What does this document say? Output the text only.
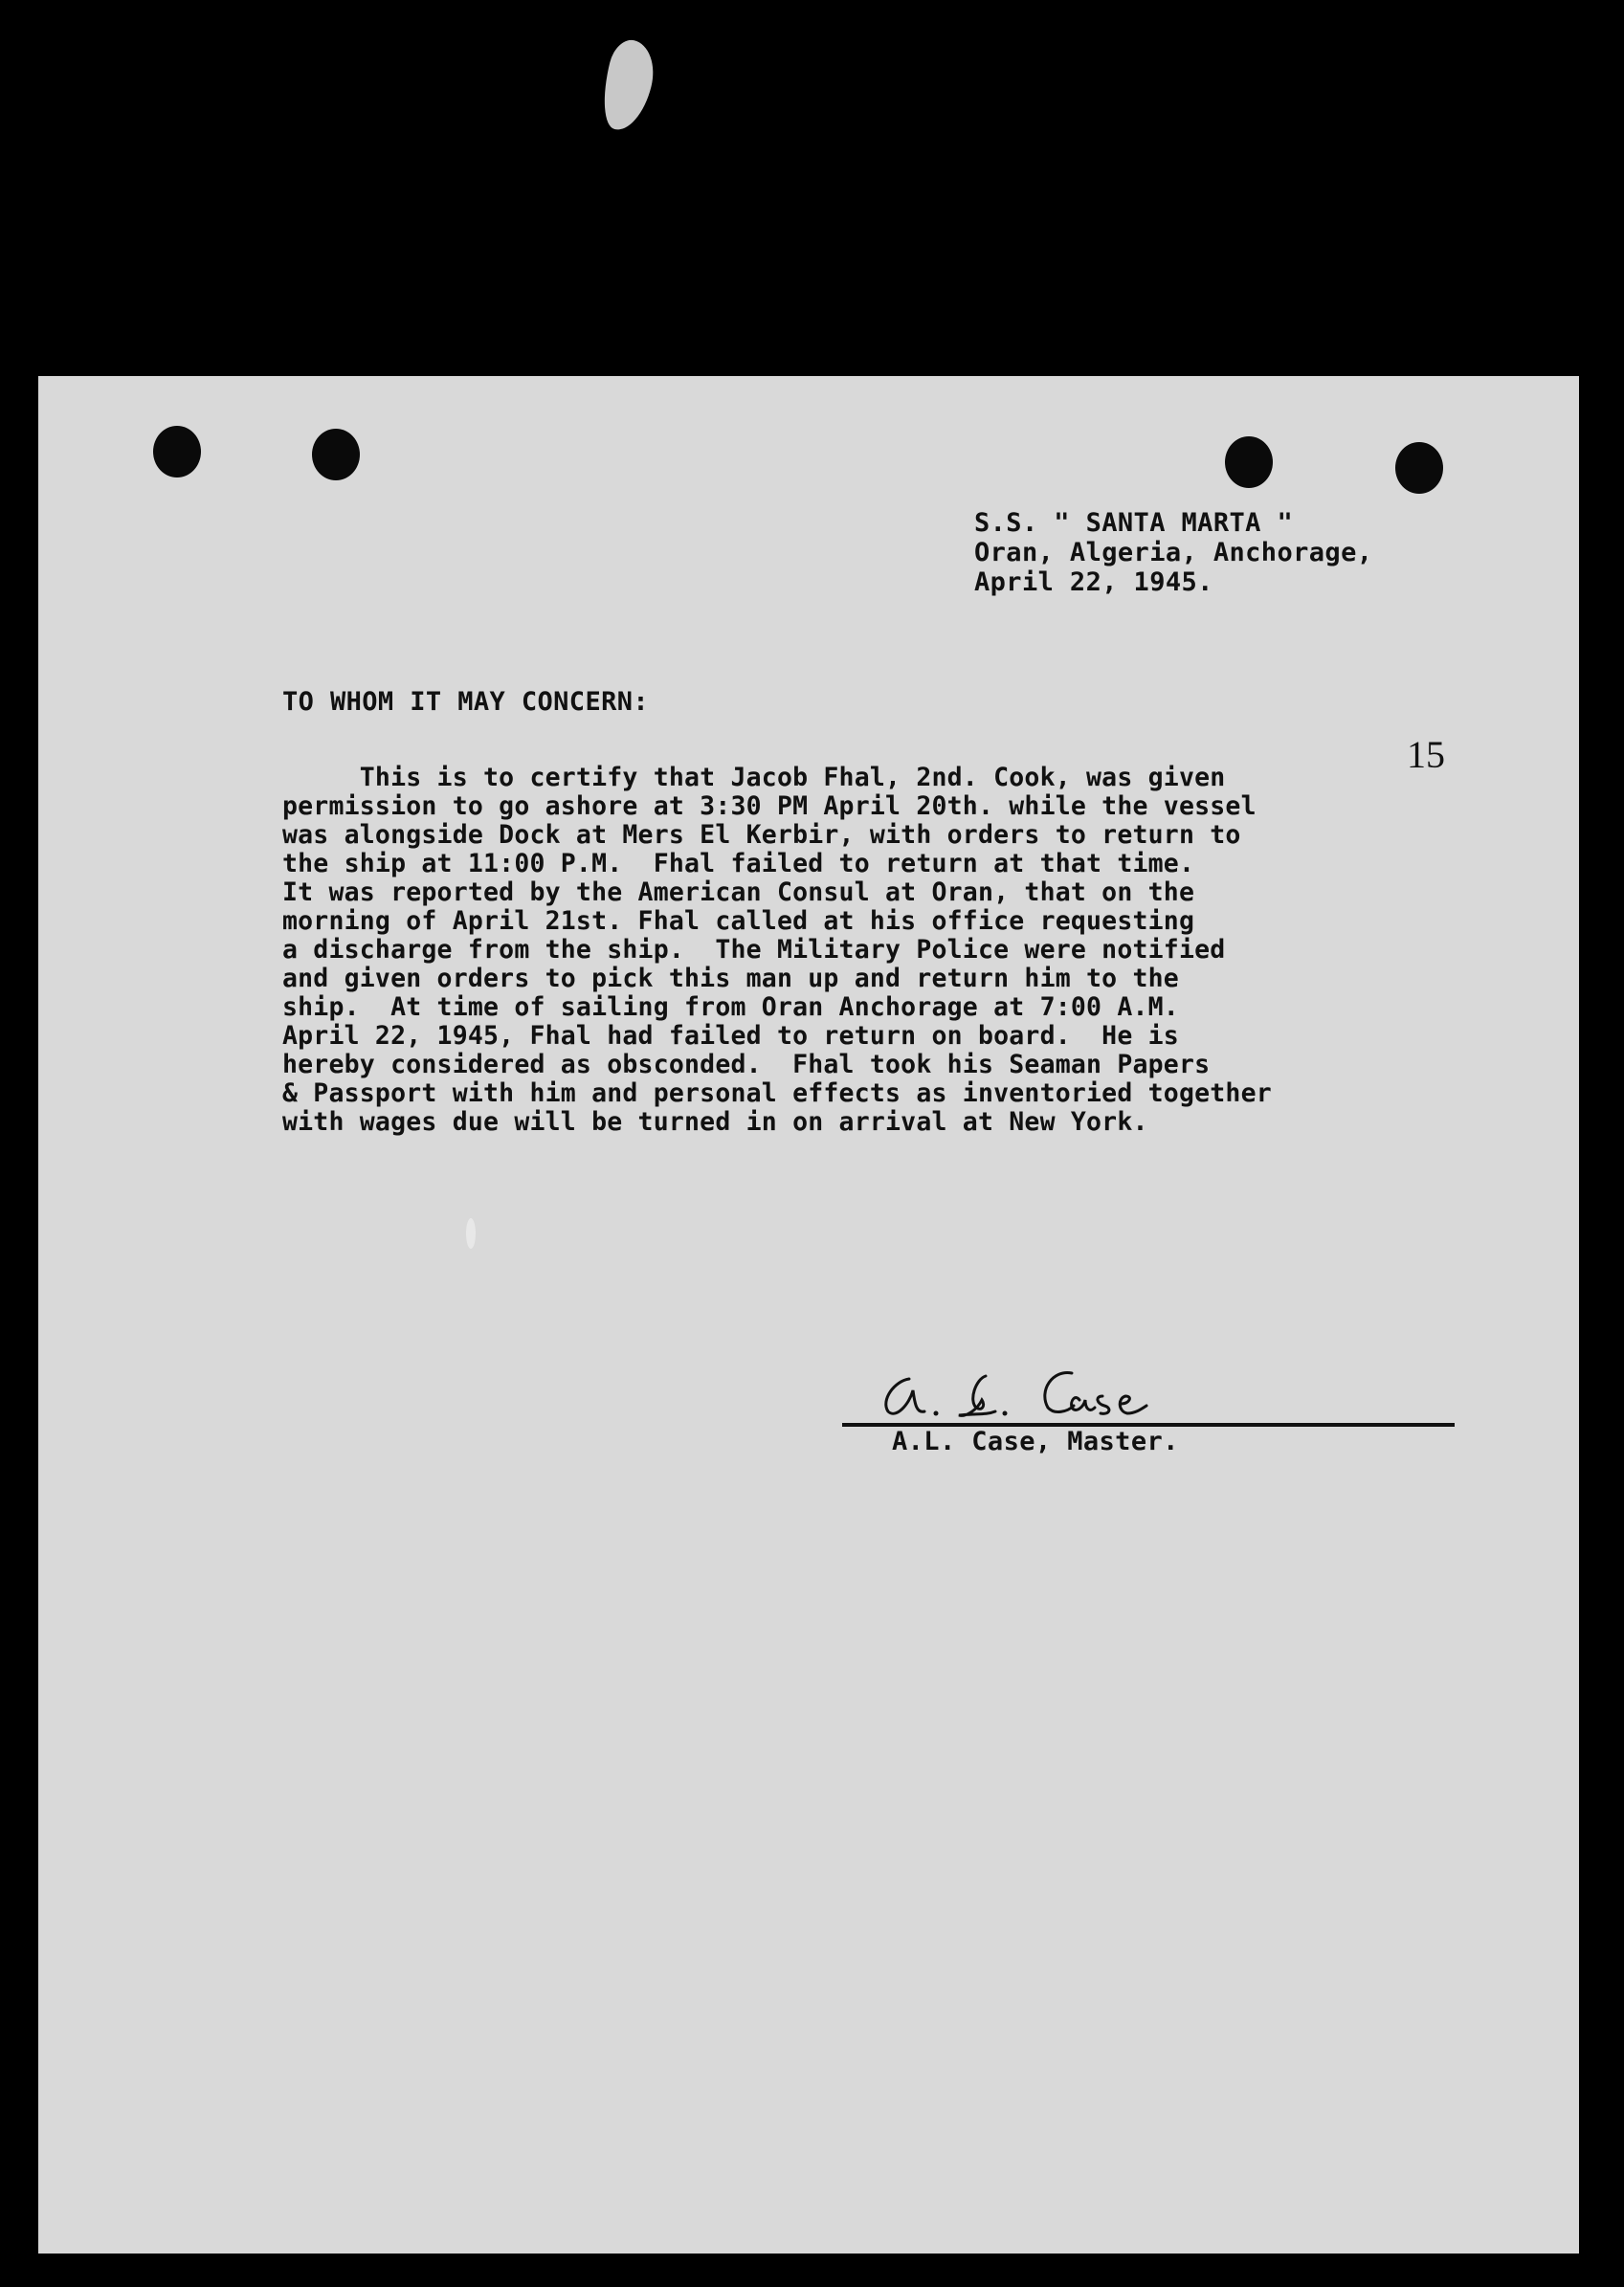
S.S. " SANTA MARTA "
Oran, Algeria, Anchorage,
April 22, 1945.
TO WHOM IT MAY CONCERN:
15
This is to certify that Jacob Fhal, 2nd. Cook, was given
permission to go ashore at 3:30 PM April 20th. while the vessel
was alongside Dock at Mers El Kerbir, with orders to return to
the ship at 11:00 P.M.  Fhal failed to return at that time.
It was reported by the American Consul at Oran, that on the
morning of April 21st. Fhal called at his office requesting
a discharge from the ship.  The Military Police were notified
and given orders to pick this man up and return him to the
ship.  At time of sailing from Oran Anchorage at 7:00 A.M.
April 22, 1945, Fhal had failed to return on board.  He is
hereby considered as obsconded.  Fhal took his Seaman Papers
& Passport with him and personal effects as inventoried together
with wages due will be turned in on arrival at New York.
A.L. Case, Master.
